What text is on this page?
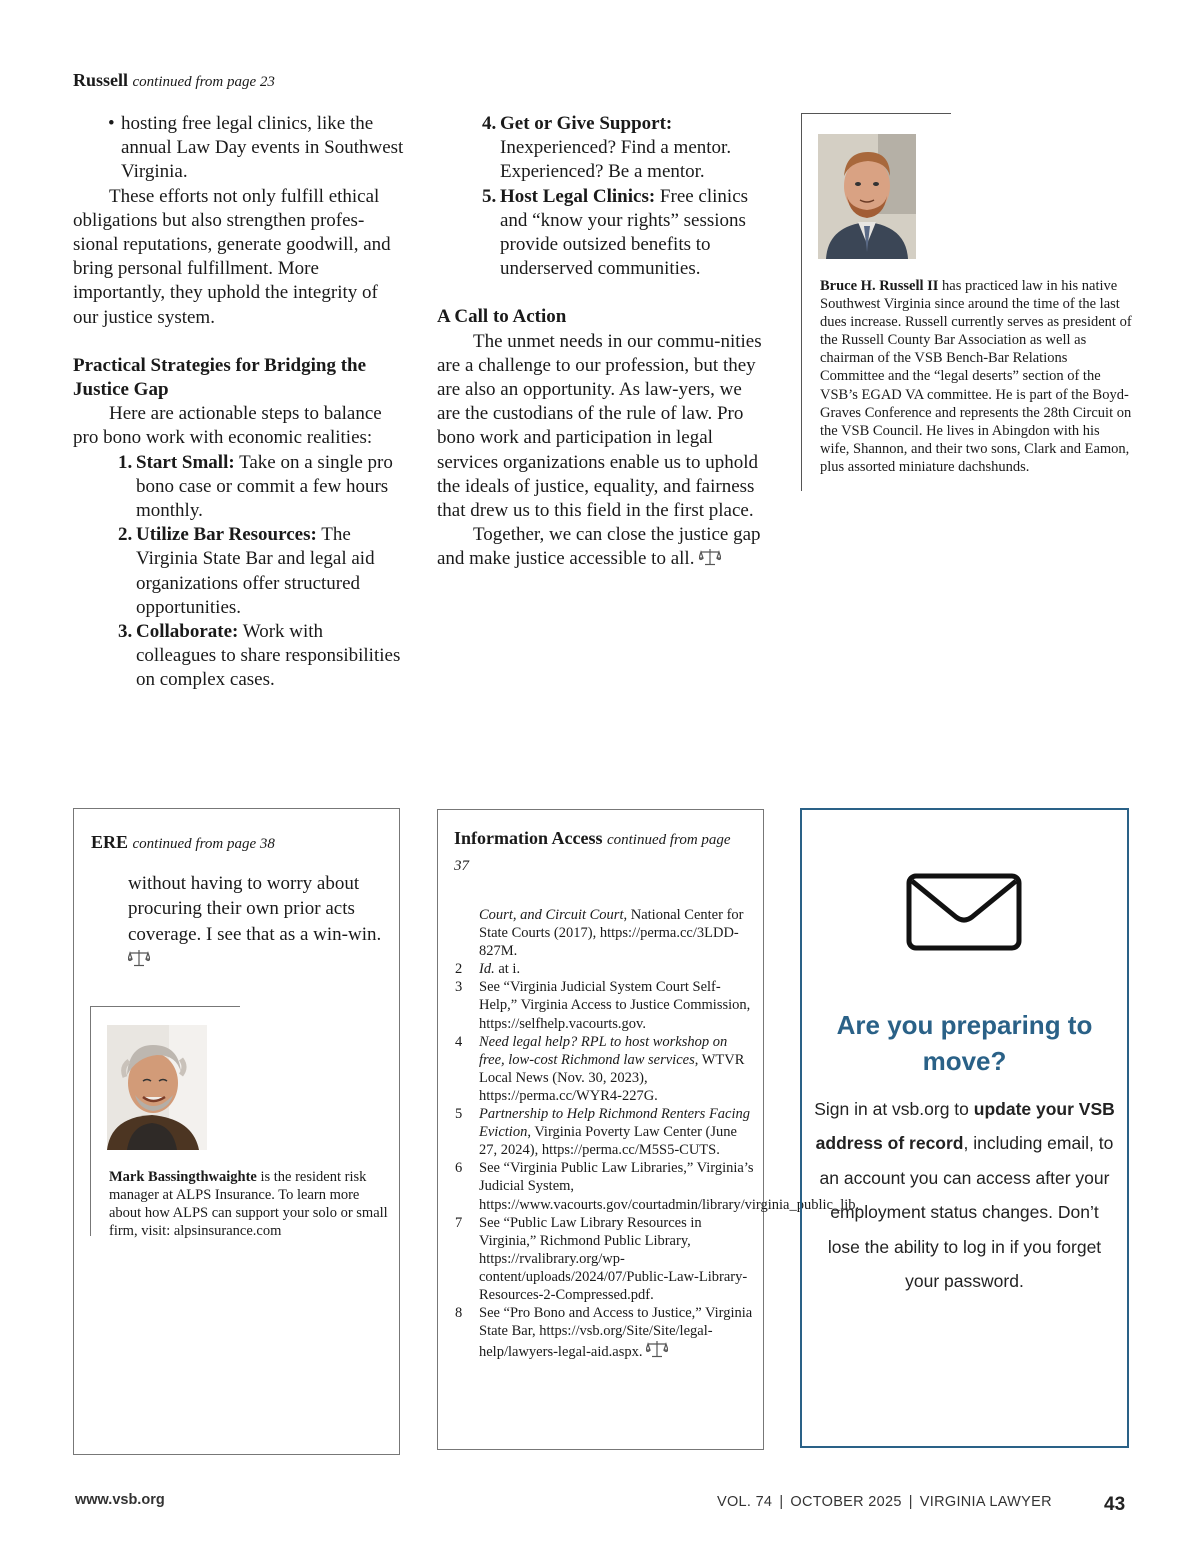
Russell continued from page 23
• hosting free legal clinics, like the annual Law Day events in Southwest Virginia.

These efforts not only fulfill ethical obligations but also strengthen profes-sional reputations, generate goodwill, and bring personal fulfillment. More importantly, they uphold the integrity of our justice system.

Practical Strategies for Bridging the Justice Gap

Here are actionable steps to balance pro bono work with economic realities:

1. Start Small: Take on a single pro bono case or commit a few hours monthly.
2. Utilize Bar Resources: The Virginia State Bar and legal aid organizations offer structured opportunities.
3. Collaborate: Work with colleagues to share responsibilities on complex cases.
4. Get or Give Support: Inexperienced? Find a mentor. Experienced? Be a mentor.
5. Host Legal Clinics: Free clinics and “know your rights” sessions provide outsized benefits to underserved communities.

A Call to Action

The unmet needs in our commu-nities are a challenge to our profession, but they are also an opportunity. As law-yers, we are the custodians of the rule of law. Pro bono work and participation in legal services organizations enable us to uphold the ideals of justice, equality, and fairness that drew us to this field in the first place.

Together, we can close the justice gap and make justice accessible to all.

Bruce H. Russell II has practiced law in his native Southwest Virginia since around the time of the last dues increase. Russell currently serves as president of the Russell County Bar Association as well as chairman of the VSB Bench-Bar Relations Committee and the “legal deserts” section of the VSB’s EGAD VA committee. He is part of the Boyd-Graves Conference and represents the 28th Circuit on the VSB Council. He lives in Abingdon with his wife, Shannon, and their two sons, Clark and Eamon, plus assorted miniature dachshunds.
ERE continued from page 38
without having to worry about procuring their own prior acts coverage. I see that as a win-win.
Mark Bassingthwaighte is the resident risk manager at ALPS Insurance. To learn more about how ALPS can support your solo or small firm, visit: alpsinsurance.com
Information Access continued from page 37
Court, and Circuit Court, National Center for State Courts (2017), https://perma.cc/3LDD-827M.
2 Id. at i.
3 See “Virginia Judicial System Court Self-Help,” Virginia Access to Justice Commission, https://selfhelp.vacourts.gov.
4 Need legal help? RPL to host workshop on free, low-cost Richmond law services, WTVR Local News (Nov. 30, 2023), https://perma.cc/WYR4-227G.
5 Partnership to Help Richmond Renters Facing Eviction, Virginia Poverty Law Center (June 27, 2024), https://perma.cc/M5S5-CUTS.
6 See “Virginia Public Law Libraries,” Virginia’s Judicial System, https://www.vacourts.gov/courtadmin/library/virginia_public_lib.
7 See “Public Law Library Resources in Virginia,” Richmond Public Library, https://rvalibrary.org/wp-content/uploads/2024/07/Public-Law-Library-Resources-2-Compressed.pdf.
8 See “Pro Bono and Access to Justice,” Virginia State Bar, https://vsb.org/Site/Site/legal-help/lawyers-legal-aid.aspx.
Are you preparing to move?
Sign in at vsb.org to update your VSB address of record, including email, to an account you can access after your employment status changes. Don’t lose the ability to log in if you forget your password.
www.vsb.org	VOL. 74 | OCTOBER 2025 | VIRGINIA LAWYER	43
